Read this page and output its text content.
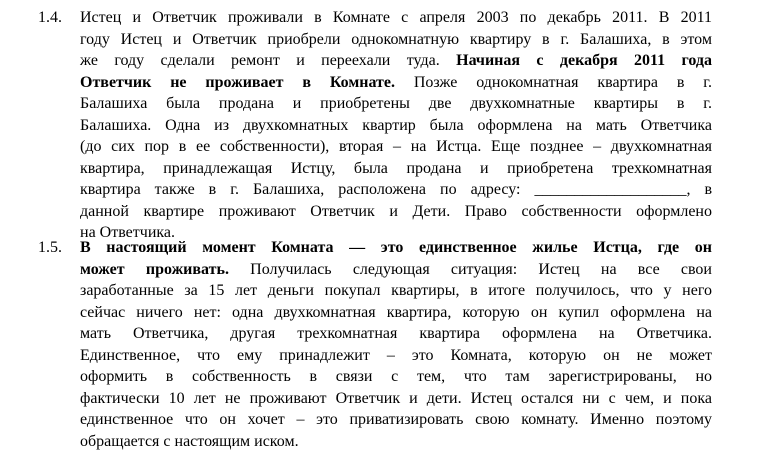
1.4. Истец и Ответчик проживали в Комнате с апреля 2003 по декабрь 2011. В 2011
году Истец и Ответчик приобрели однокомнатную квартиру в г. Балашиха, в этом
же году сделали ремонт и переехали туда. Начиная с декабря 2011 года
Ответчик не проживает в Комнате. Позже однокомнатная квартира в г.
Балашиха была продана и приобретены две двухкомнатные квартиры в г.
Балашиха. Одна из двухкомнатных квартир была оформлена на мать Ответчика
(до сих пор в ее собственности), вторая – на Истца. Еще позднее – двухкомнатная
квартира, принадлежащая Истцу, была продана и приобретена трехкомнатная
квартира также в г. Балашиха, расположена по адресу: ___________________, в
данной квартире проживают Ответчик и Дети. Право собственности оформлено
на Ответчика.
1.5. В настоящий момент Комната — это единственное жилье Истца, где он
может проживать. Получилась следующая ситуация: Истец на все свои
заработанные за 15 лет деньги покупал квартиры, в итоге получилось, что у него
сейчас ничего нет: одна двухкомнатная квартира, которую он купил оформлена на
мать Ответчика, другая трехкомнатная квартира оформлена на Ответчика.
Единственное, что ему принадлежит – это Комната, которую он не может
оформить в собственность в связи с тем, что там зарегистрированы, но
фактически 10 лет не проживают Ответчик и дети. Истец остался ни с чем, и пока
единственное что он хочет – это приватизировать свою комнату. Именно поэтому
обращается с настоящим иском.
